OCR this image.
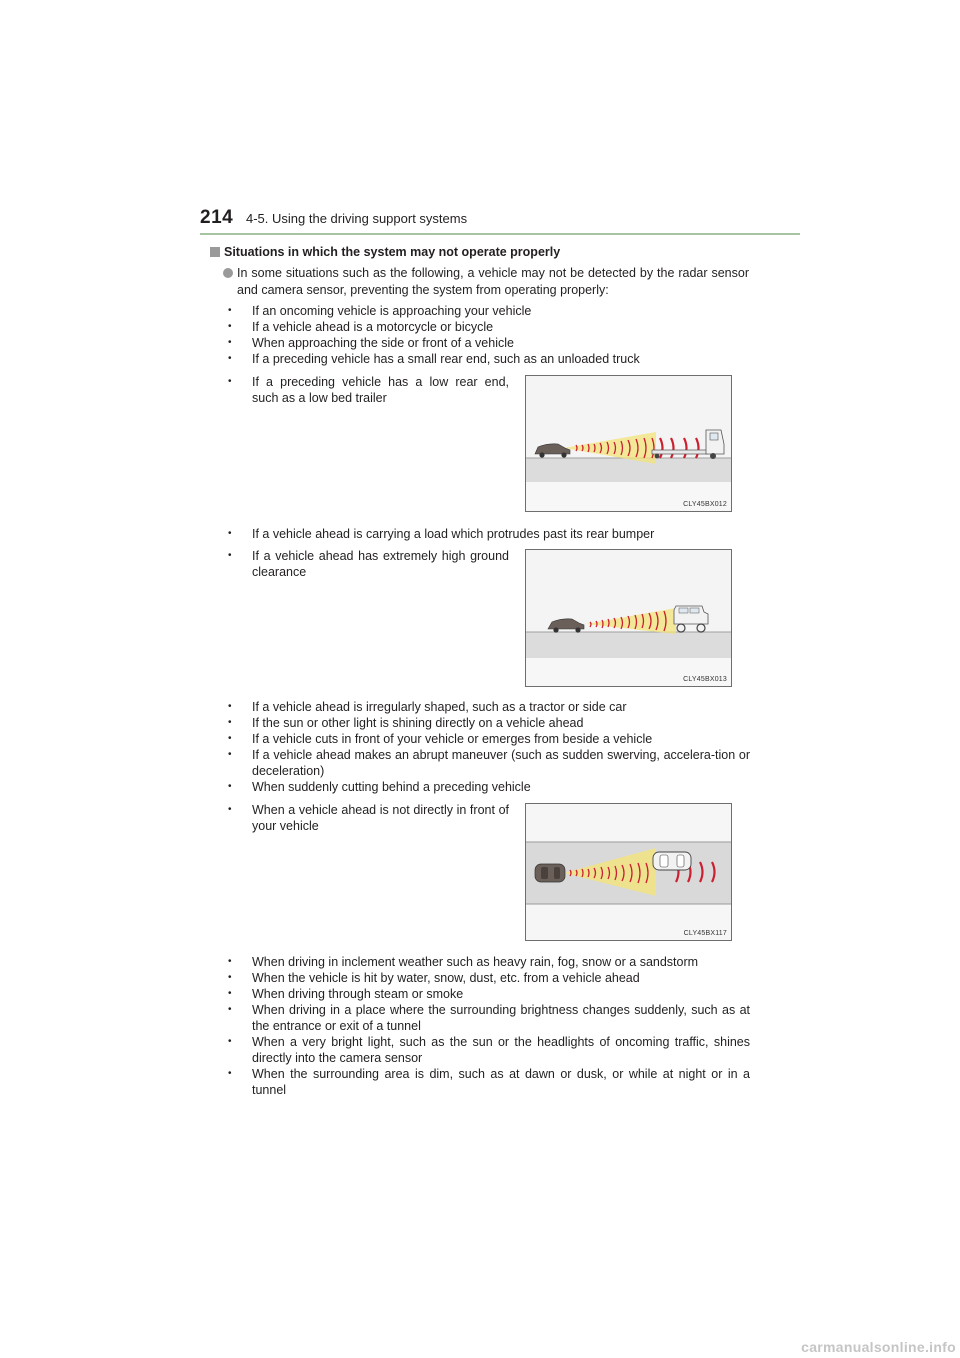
214 4-5. Using the driving support systems
Situations in which the system may not operate properly
In some situations such as the following, a vehicle may not be detected by the radar sensor and camera sensor, preventing the system from operating properly:
• If an oncoming vehicle is approaching your vehicle
• If a vehicle ahead is a motorcycle or bicycle
• When approaching the side or front of a vehicle
• If a preceding vehicle has a small rear end, such as an unloaded truck
• If a preceding vehicle has a low rear end, such as a low bed trailer
CLY45BX012
• If a vehicle ahead is carrying a load which protrudes past its rear bumper
• If a vehicle ahead has extremely high ground clearance
CLY45BX013
• If a vehicle ahead is irregularly shaped, such as a tractor or side car
• If the sun or other light is shining directly on a vehicle ahead
• If a vehicle cuts in front of your vehicle or emerges from beside a vehicle
• If a vehicle ahead makes an abrupt maneuver (such as sudden swerving, accelera-tion or deceleration)
• When suddenly cutting behind a preceding vehicle
• When a vehicle ahead is not directly in front of your vehicle
CLY45BX117
• When driving in inclement weather such as heavy rain, fog, snow or a sandstorm
• When the vehicle is hit by water, snow, dust, etc. from a vehicle ahead
• When driving through steam or smoke
• When driving in a place where the surrounding brightness changes suddenly, such as at the entrance or exit of a tunnel
• When a very bright light, such as the sun or the headlights of oncoming traffic, shines directly into the camera sensor
• When the surrounding area is dim, such as at dawn or dusk, or while at night or in a tunnel
carmanualsonline.info
